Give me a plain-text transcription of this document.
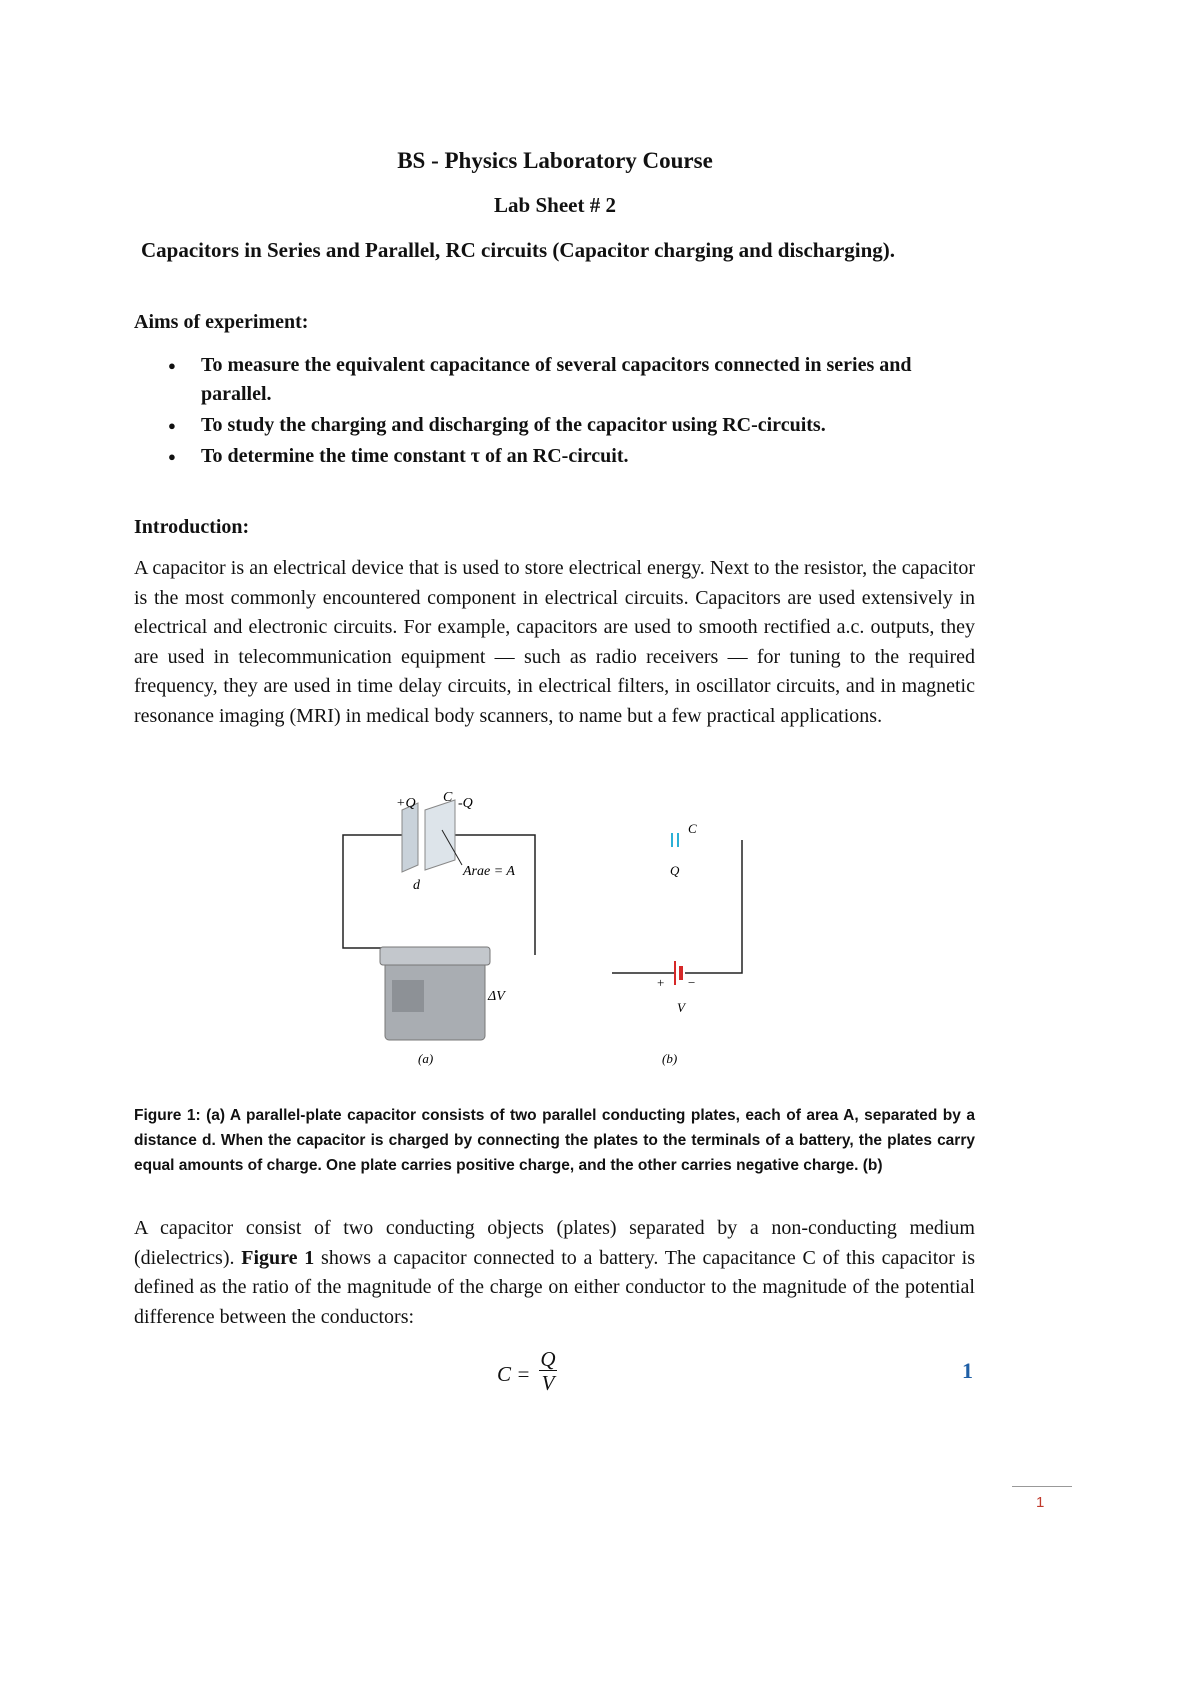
BS - Physics Laboratory Course
Lab Sheet # 2
Capacitors in Series and Parallel, RC circuits (Capacitor charging and discharging).
Aims of experiment:
● To measure the equivalent capacitance of several capacitors connected in series and parallel.
● To study the charging and discharging of the capacitor using RC-circuits.
● To determine the time constant τ of an RC-circuit.
Introduction:
A capacitor is an electrical device that is used to store electrical energy. Next to the resistor, the capacitor is the most commonly encountered component in electrical circuits. Capacitors are used extensively in electrical and electronic circuits. For example, capacitors are used to smooth rectified a.c. outputs, they are used in telecommunication equipment — such as radio receivers — for tuning to the required frequency, they are used in time delay circuits, in electrical filters, in oscillator circuits, and in magnetic resonance imaging (MRI) in medical body scanners, to name but a few practical applications.
C
+Q	-Q
Arae = A
d
ΔV
(a)
C
Q
+ −
V
(b)
Figure 1: (a) A parallel-plate capacitor consists of two parallel conducting plates, each of area A, separated by a distance d. When the capacitor is charged by connecting the plates to the terminals of a battery, the plates carry equal amounts of charge. One plate carries positive charge, and the other carries negative charge. (b)
A capacitor consist of two conducting objects (plates) separated by a non-conducting medium (dielectrics). Figure 1 shows a capacitor connected to a battery. The capacitance C of this capacitor is defined as the ratio of the magnitude of the charge on either conductor to the magnitude of the potential difference between the conductors:
C =
Q
V	1
1
